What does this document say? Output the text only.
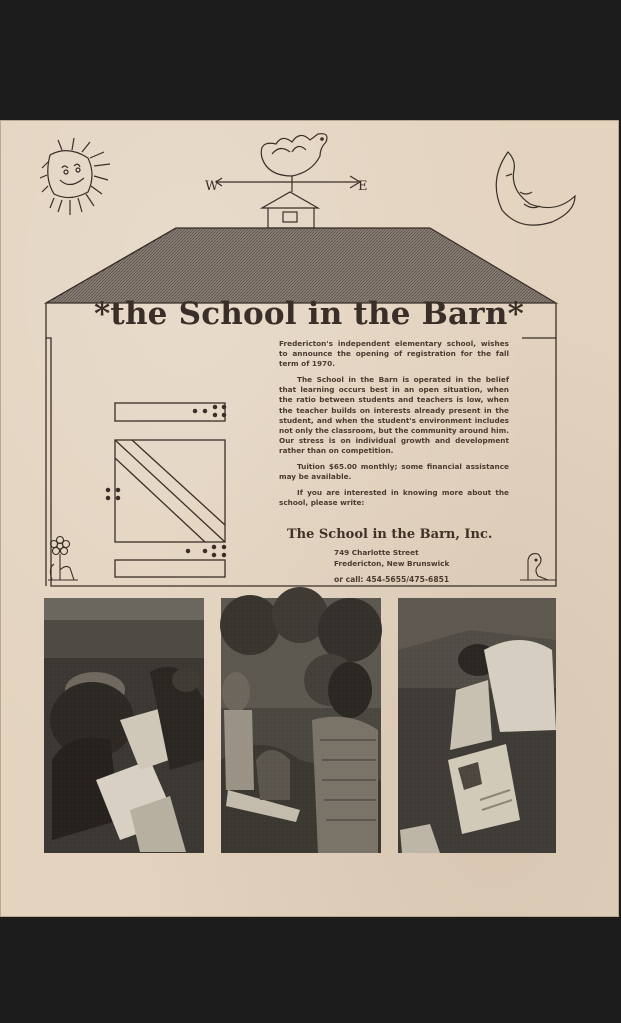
W	E
*the School in the Barn*

Fredericton's independent elementary school, wishes to announce the opening of registration for the fall term of 1970.

The School in the Barn is operated in the belief that learning occurs best in an open situation, when the ratio between students and teachers is low, when the teacher builds on interests already present in the student, and when the student's environment includes not only the classroom, but the community around him. Our stress is on individual growth and development rather than on competition.

Tuition $65.00 monthly; some financial assistance may be available.

If you are interested in knowing more about the school, please write:

The School in the Barn, Inc.
749 Charlotte Street
Fredericton, New Brunswick
or call: 454-5655/475-6851
